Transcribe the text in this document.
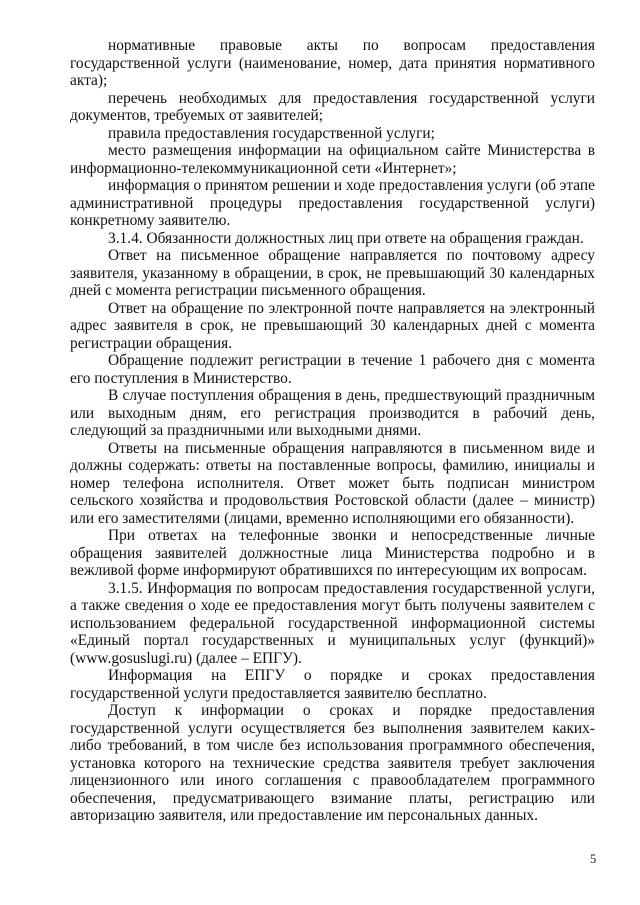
нормативные правовые акты по вопросам предоставления государственной услуги (наименование, номер, дата принятия нормативного акта);

перечень необходимых для предоставления государственной услуги документов, требуемых от заявителей;

правила предоставления государственной услуги;

место размещения информации на официальном сайте Министерства в информационно-телекоммуникационной сети «Интернет»;

информация о принятом решении и ходе предоставления услуги (об этапе административной процедуры предоставления государственной услуги) конкретному заявителю.

3.1.4. Обязанности должностных лиц при ответе на обращения граждан.

Ответ на письменное обращение направляется по почтовому адресу заявителя, указанному в обращении, в срок, не превышающий 30 календарных дней с момента регистрации письменного обращения.

Ответ на обращение по электронной почте направляется на электронный адрес заявителя в срок, не превышающий 30 календарных дней с момента регистрации обращения.

Обращение подлежит регистрации в течение 1 рабочего дня с момента его поступления в Министерство.

В случае поступления обращения в день, предшествующий праздничным или выходным дням, его регистрация производится в рабочий день, следующий за праздничными или выходными днями.

Ответы на письменные обращения направляются в письменном виде и должны содержать: ответы на поставленные вопросы, фамилию, инициалы и номер телефона исполнителя. Ответ может быть подписан министром сельского хозяйства и продовольствия Ростовской области (далее – министр) или его заместителями (лицами, временно исполняющими его обязанности).

При ответах на телефонные звонки и непосредственные личные обращения заявителей должностные лица Министерства подробно и в вежливой форме информируют обратившихся по интересующим их вопросам.

3.1.5. Информация по вопросам предоставления государственной услуги, а также сведения о ходе ее предоставления могут быть получены заявителем с использованием федеральной государственной информационной системы «Единый портал государственных и муниципальных услуг (функций)» (www.gosuslugi.ru) (далее – ЕПГУ).

Информация на ЕПГУ о порядке и сроках предоставления государственной услуги предоставляется заявителю бесплатно.

Доступ к информации о сроках и порядке предоставления государственной услуги осуществляется без выполнения заявителем каких-либо требований, в том числе без использования программного обеспечения, установка которого на технические средства заявителя требует заключения лицензионного или иного соглашения с правообладателем программного обеспечения, предусматривающего взимание платы, регистрацию или авторизацию заявителя, или предоставление им персональных данных.

5
